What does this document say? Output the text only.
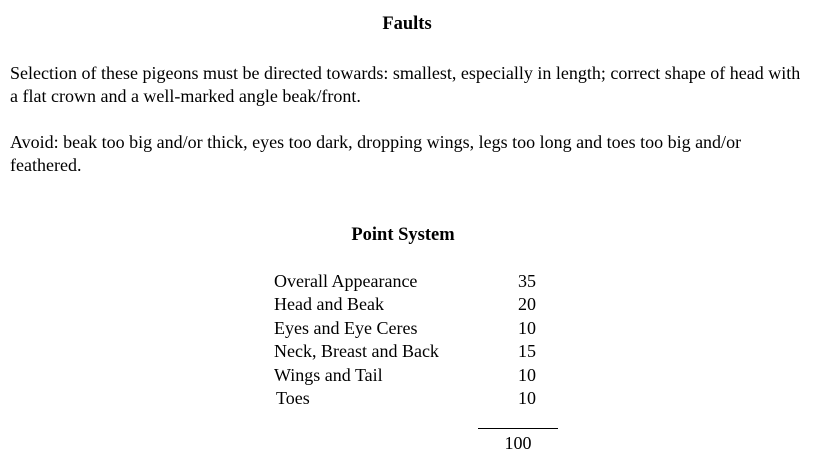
Faults
Selection of these pigeons must be directed towards: smallest, especially in length; correct shape of head with a flat crown and a well-marked angle beak/front.
Avoid: beak too big and/or thick, eyes too dark, dropping wings, legs too long and toes too big and/or feathered.
Point System
Overall Appearance	35
Head and Beak	20
Eyes and Eye Ceres	10
Neck, Breast and Back	15
Wings and Tail	10
Toes	10
100
